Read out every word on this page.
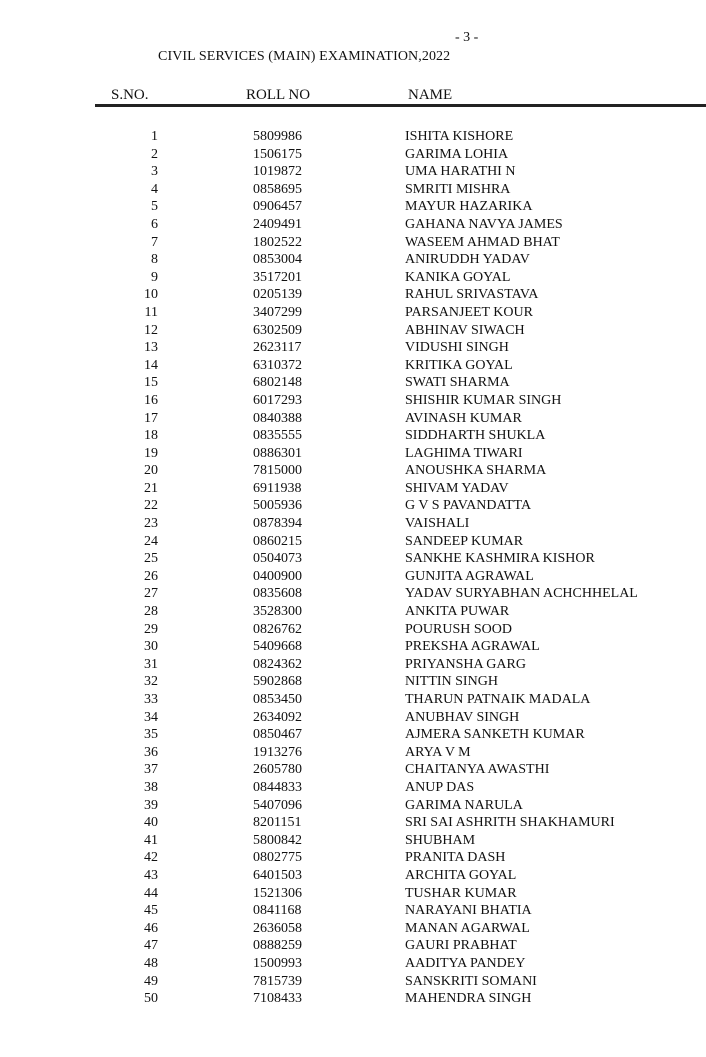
- 3 -
CIVIL SERVICES (MAIN) EXAMINATION,2022
S.NO.	ROLL NO	NAME
1	5809986	ISHITA KISHORE
2	1506175	GARIMA LOHIA
3	1019872	UMA HARATHI N
4	0858695	SMRITI MISHRA
5	0906457	MAYUR HAZARIKA
6	2409491	GAHANA NAVYA JAMES
7	1802522	WASEEM AHMAD BHAT
8	0853004	ANIRUDDH YADAV
9	3517201	KANIKA GOYAL
10	0205139	RAHUL SRIVASTAVA
11	3407299	PARSANJEET KOUR
12	6302509	ABHINAV SIWACH
13	2623117	VIDUSHI SINGH
14	6310372	KRITIKA GOYAL
15	6802148	SWATI SHARMA
16	6017293	SHISHIR KUMAR SINGH
17	0840388	AVINASH KUMAR
18	0835555	SIDDHARTH SHUKLA
19	0886301	LAGHIMA TIWARI
20	7815000	ANOUSHKA SHARMA
21	6911938	SHIVAM YADAV
22	5005936	G V S PAVANDATTA
23	0878394	VAISHALI
24	0860215	SANDEEP KUMAR
25	0504073	SANKHE KASHMIRA KISHOR
26	0400900	GUNJITA AGRAWAL
27	0835608	YADAV SURYABHAN ACHCHHELAL
28	3528300	ANKITA PUWAR
29	0826762	POURUSH SOOD
30	5409668	PREKSHA AGRAWAL
31	0824362	PRIYANSHA GARG
32	5902868	NITTIN SINGH
33	0853450	THARUN PATNAIK MADALA
34	2634092	ANUBHAV SINGH
35	0850467	AJMERA SANKETH KUMAR
36	1913276	ARYA V M
37	2605780	CHAITANYA AWASTHI
38	0844833	ANUP DAS
39	5407096	GARIMA NARULA
40	8201151	SRI SAI ASHRITH SHAKHAMURI
41	5800842	SHUBHAM
42	0802775	PRANITA DASH
43	6401503	ARCHITA GOYAL
44	1521306	TUSHAR KUMAR
45	0841168	NARAYANI BHATIA
46	2636058	MANAN AGARWAL
47	0888259	GAURI PRABHAT
48	1500993	AADITYA PANDEY
49	7815739	SANSKRITI SOMANI
50	7108433	MAHENDRA SINGH
